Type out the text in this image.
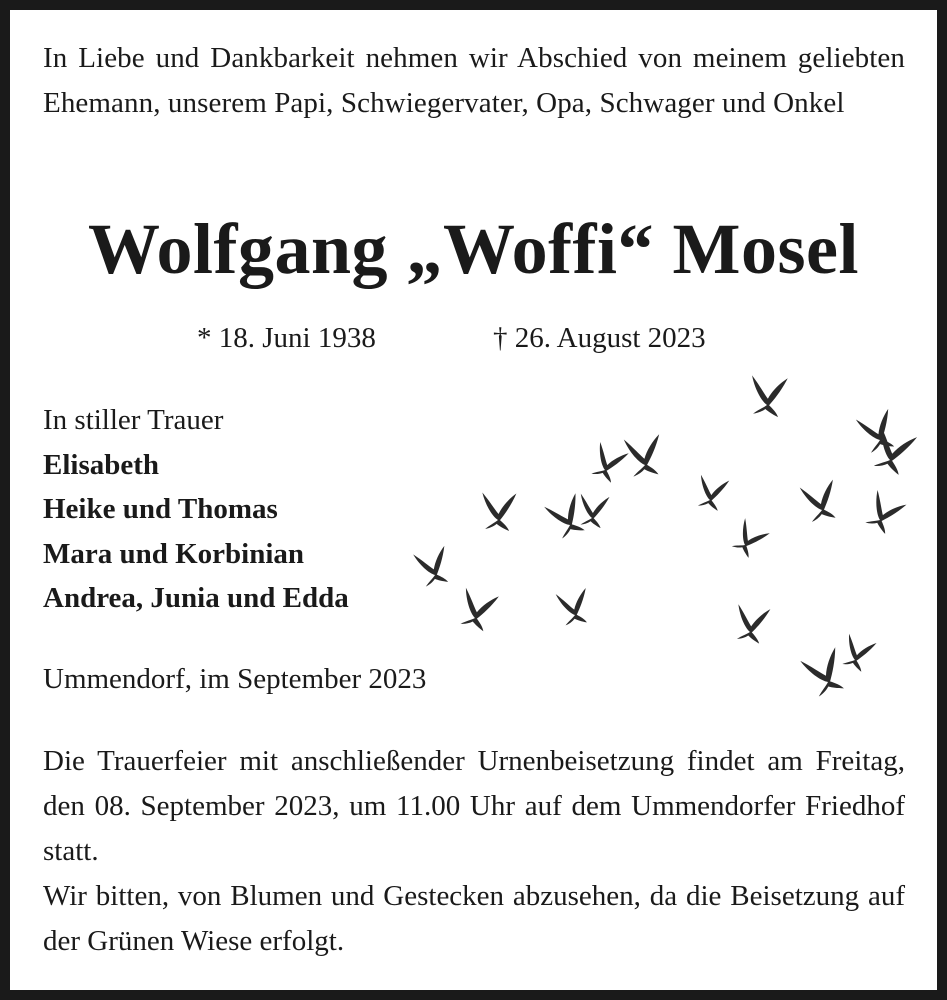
In Liebe und Dankbarkeit nehmen wir Abschied von meinem geliebten Ehemann, unserem Papi, Schwiegervater, Opa, Schwager und Onkel
Wolfgang „Woffi“ Mosel
* 18. Juni 1938	† 26. August 2023
In stiller Trauer
Elisabeth
Heike und Thomas
Mara und Korbinian
Andrea, Junia und Edda
Ummendorf, im September 2023

Die Trauerfeier mit anschließender Urnenbeisetzung findet am Freitag, den 08. September 2023, um 11.00 Uhr auf dem Ummendorfer Friedhof statt.

Wir bitten, von Blumen und Gestecken abzusehen, da die Beisetzung auf der Grünen Wiese erfolgt.
